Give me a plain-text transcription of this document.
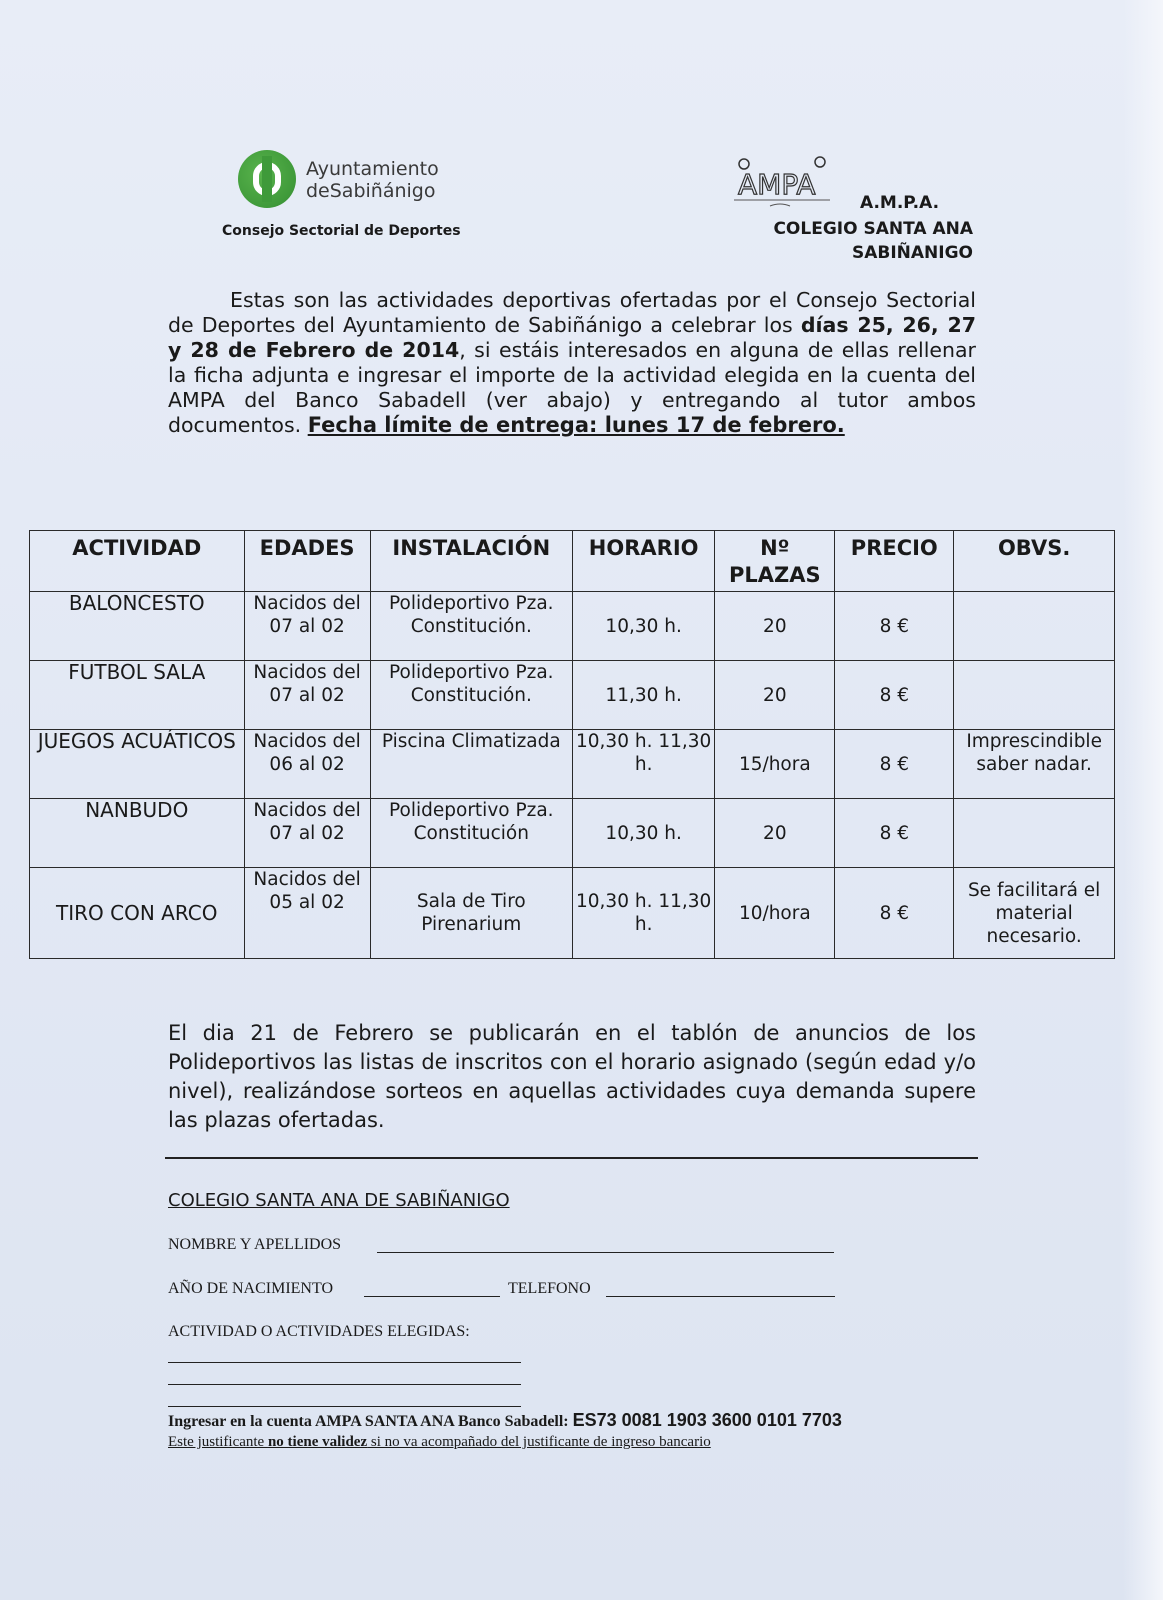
Ayuntamiento
deSabiñánigo
Consejo Sectorial de Deportes
AMPA
A.M.P.A.
COLEGIO SANTA ANA
SABIÑANIGO
Estas son las actividades deportivas ofertadas por el Consejo Sectorial de Deportes del Ayuntamiento de Sabiñánigo a celebrar los días 25, 26, 27 y 28 de Febrero de 2014, si estáis interesados en alguna de ellas rellenar la ficha adjunta e ingresar el importe de la actividad elegida en la cuenta del AMPA del Banco Sabadell (ver abajo) y entregando al tutor ambos documentos. Fecha límite de entrega: lunes 17 de febrero.
ACTIVIDAD	EDADES	INSTALACIÓN	HORARIO	Nº PLAZAS	PRECIO	OBVS.
BALONCESTO	Nacidos del 07 al 02	Polideportivo Pza. Constitución.	10,30 h.	20	8 €	
FUTBOL SALA	Nacidos del 07 al 02	Polideportivo Pza. Constitución.	11,30 h.	20	8 €	
JUEGOS ACUÁTICOS	Nacidos del 06 al 02	Piscina Climatizada	10,30 h. 11,30 h.	15/hora	8 €	Imprescindible saber nadar.
NANBUDO	Nacidos del 07 al 02	Polideportivo Pza. Constitución	10,30 h.	20	8 €	
TIRO CON ARCO	Nacidos del 05 al 02	Sala de Tiro Pirenarium	10,30 h. 11,30 h.	10/hora	8 €	Se facilitará el material necesario.
El dia 21 de Febrero se publicarán en el tablón de anuncios de los Polideportivos las listas de inscritos con el horario asignado (según edad y/o nivel), realizándose sorteos en aquellas actividades cuya demanda supere las plazas ofertadas.
COLEGIO SANTA ANA DE SABIÑANIGO
NOMBRE Y APELLIDOS
AÑO DE NACIMIENTO	TELEFONO
ACTIVIDAD O ACTIVIDADES ELEGIDAS:
Ingresar en la cuenta AMPA SANTA ANA Banco Sabadell: ES73 0081 1903 3600 0101 7703
Este justificante no tiene validez si no va acompañado del justificante de ingreso bancario
